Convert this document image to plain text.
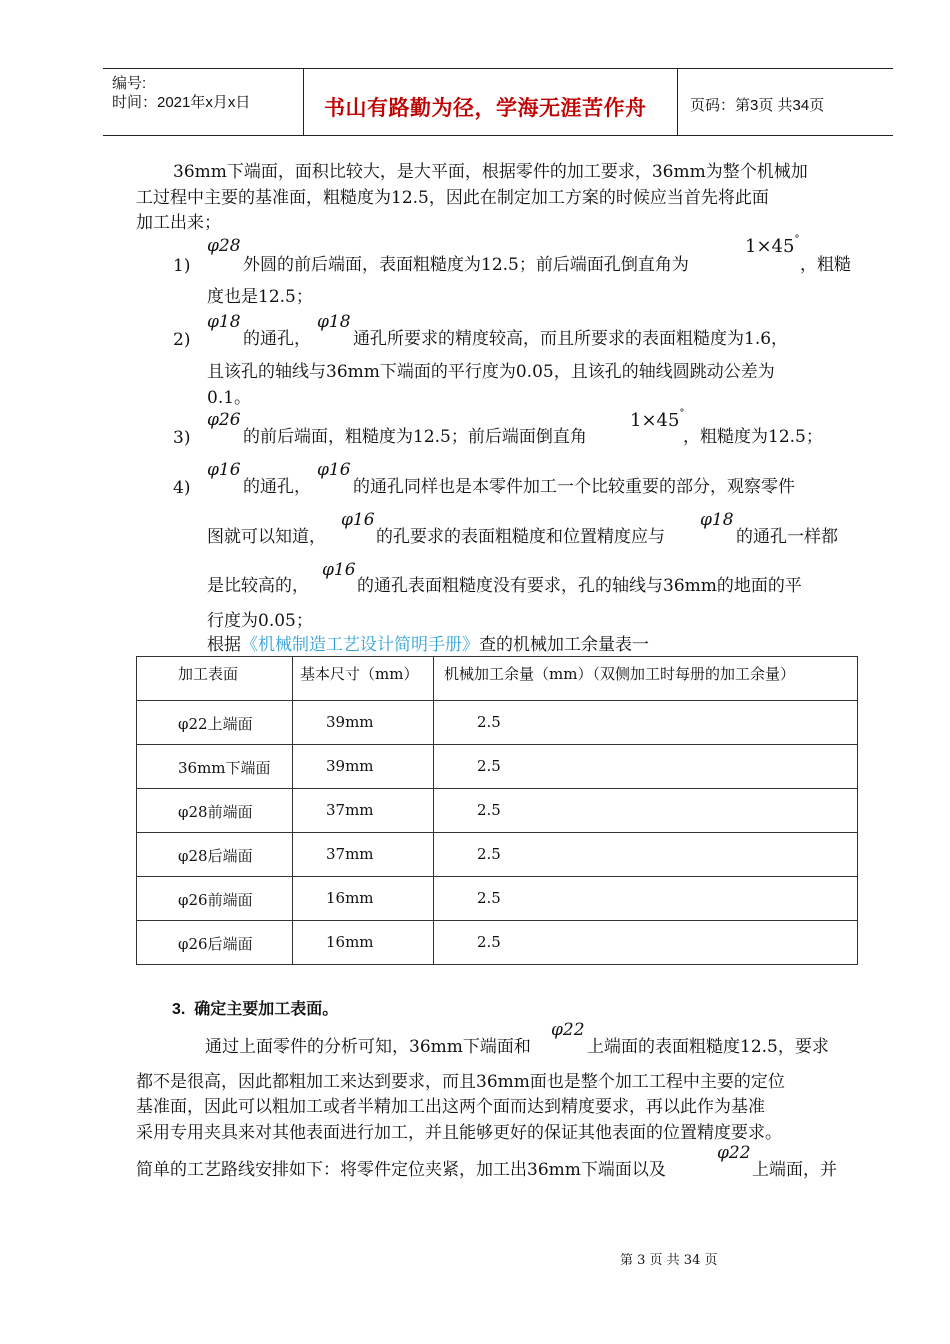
编号:
时间：2021年x月x日	书山有路勤为径，学海无涯苦作舟	页码：第3页 共34页
36mm下端面，面积比较大，是大平面，根据零件的加工要求，36mm为整个机械加
工过程中主要的基准面，粗糙度为12.5，因此在制定加工方案的时候应当首先将此面
加工出来；
1)
φ28
外圆的前后端面，表面粗糙度为12.5；前后端面孔倒直角为
1×45°
，粗糙
度也是12.5；
2)
φ18
的通孔，
φ18
通孔所要求的精度较高，而且所要求的表面粗糙度为1.6，
且该孔的轴线与36mm下端面的平行度为0.05，且该孔的轴线圆跳动公差为
0.1。
3)
φ26
的前后端面，粗糙度为12.5；前后端面倒直角
1×45°
，粗糙度为12.5；
4)
φ16
的通孔，
φ16
的通孔同样也是本零件加工一个比较重要的部分，观察零件
图就可以知道，
φ16
的孔要求的表面粗糙度和位置精度应与
φ18
的通孔一样都
是比较高的，
φ16
的通孔表面粗糙度没有要求，孔的轴线与36mm的地面的平
行度为0.05；
根据《机械制造工艺设计简明手册》查的机械加工余量表一
加工表面	基本尺寸（mm）	机械加工余量（mm）（双侧加工时每册的加工余量）

φ22上端面	39mm	2.5

36mm下端面	39mm	2.5

φ28前端面	37mm	2.5

φ28后端面	37mm	2.5

φ26前端面	16mm	2.5

φ26后端面	16mm	2.5
3.  确定主要加工表面。
通过上面零件的分析可知，36mm下端面和
φ22
上端面的表面粗糙度12.5，要求
都不是很高，因此都粗加工来达到要求，而且36mm面也是整个加工工程中主要的定位
基准面，因此可以粗加工或者半精加工出这两个面而达到精度要求，再以此作为基准
采用专用夹具来对其他表面进行加工，并且能够更好的保证其他表面的位置精度要求。
简单的工艺路线安排如下：将零件定位夹紧，加工出36mm下端面以及
φ22
上端面，并
第 3 页 共 34 页
